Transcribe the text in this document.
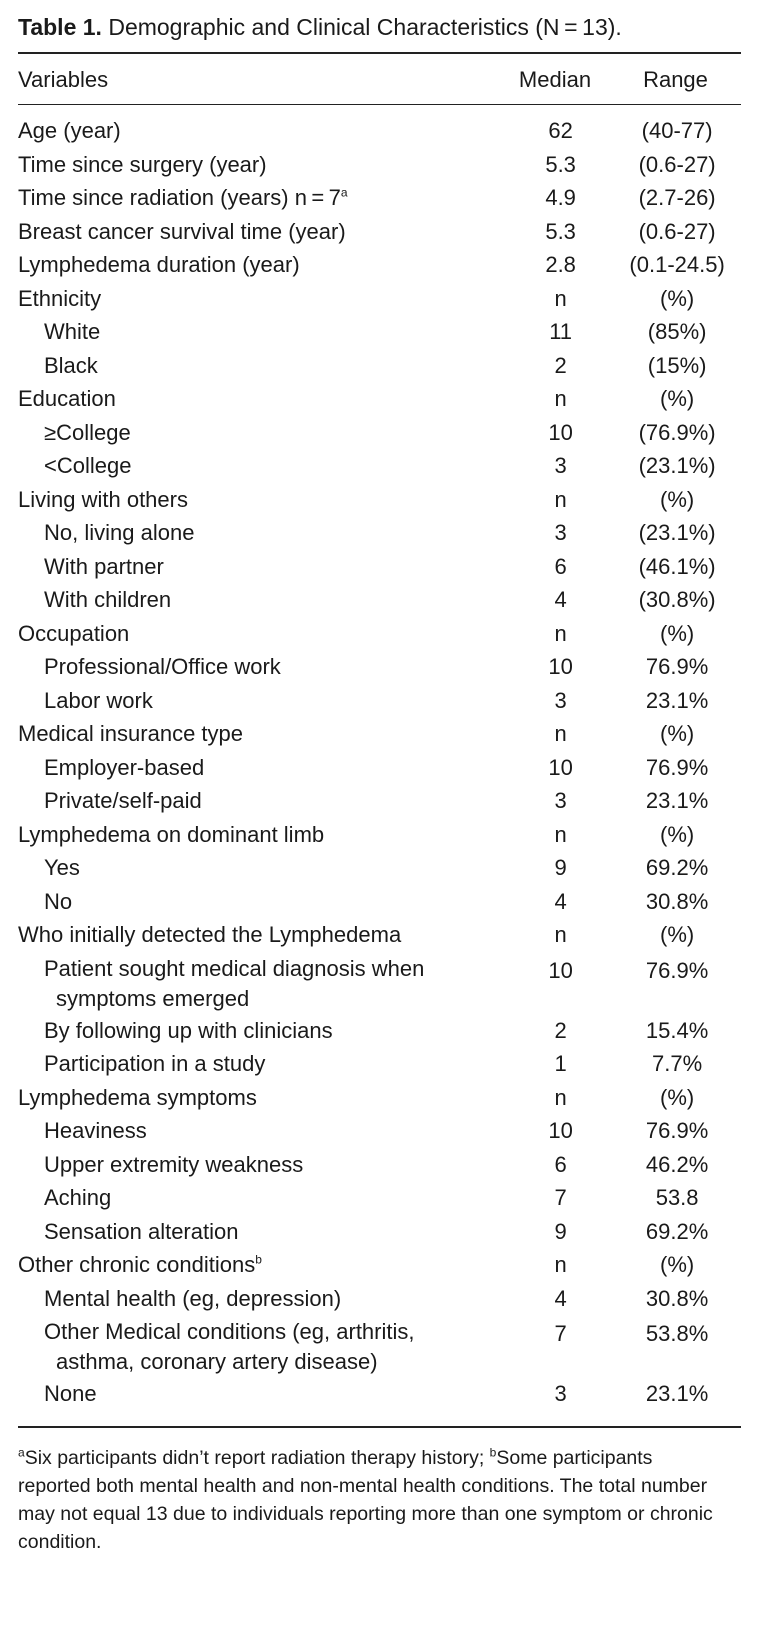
Table 1. Demographic and Clinical Characteristics (N = 13).
Variables	Median	Range
Age (year)	62	(40-77)
Time since surgery (year)	5.3	(0.6-27)
Time since radiation (years) $n = 7^a$	4.9	(2.7-26)
Breast cancer survival time (year)	5.3	(0.6-27)
Lymphedema duration (year)	2.8	(0.1-24.5)
Ethnicity	n	(%)
White	11	(85%)
Black	2	(15%)
Education	n	(%)
≥College	10	(76.9%)
<College	3	(23.1%)
Living with others	n	(%)
No, living alone	3	(23.1%)
With partner	6	(46.1%)
With children	4	(30.8%)
Occupation	n	(%)
Professional/Office work	10	76.9%
Labor work	3	23.1%
Medical insurance type	n	(%)
Employer-based	10	76.9%
Private/self-paid	3	23.1%
Lymphedema on dominant limb	n	(%)
Yes	9	69.2%
No	4	30.8%
Who initially detected the Lymphedema	n	(%)

Patient sought medical diagnosis when
symptoms emerged	10	76.9%
By following up with clinicians	2	15.4%
Participation in a study	1	7.7%
Lymphedema symptoms	n	(%)
Heaviness	10	76.9%
Upper extremity weakness	6	46.2%
Aching	7	53.8
Sensation alteration	9	69.2%
Other chronic conditions$^b$	n	(%)
Mental health (eg, depression)	4	30.8%

Other Medical conditions (eg, arthritis,
asthma, coronary artery disease)	7	53.8%
None	3	23.1%
$^a$Six participants didn’t report radiation therapy history; $^b$Some participants reported both mental health and non-mental health conditions. The total number may not equal 13 due to individuals reporting more than one symptom or chronic condition.
